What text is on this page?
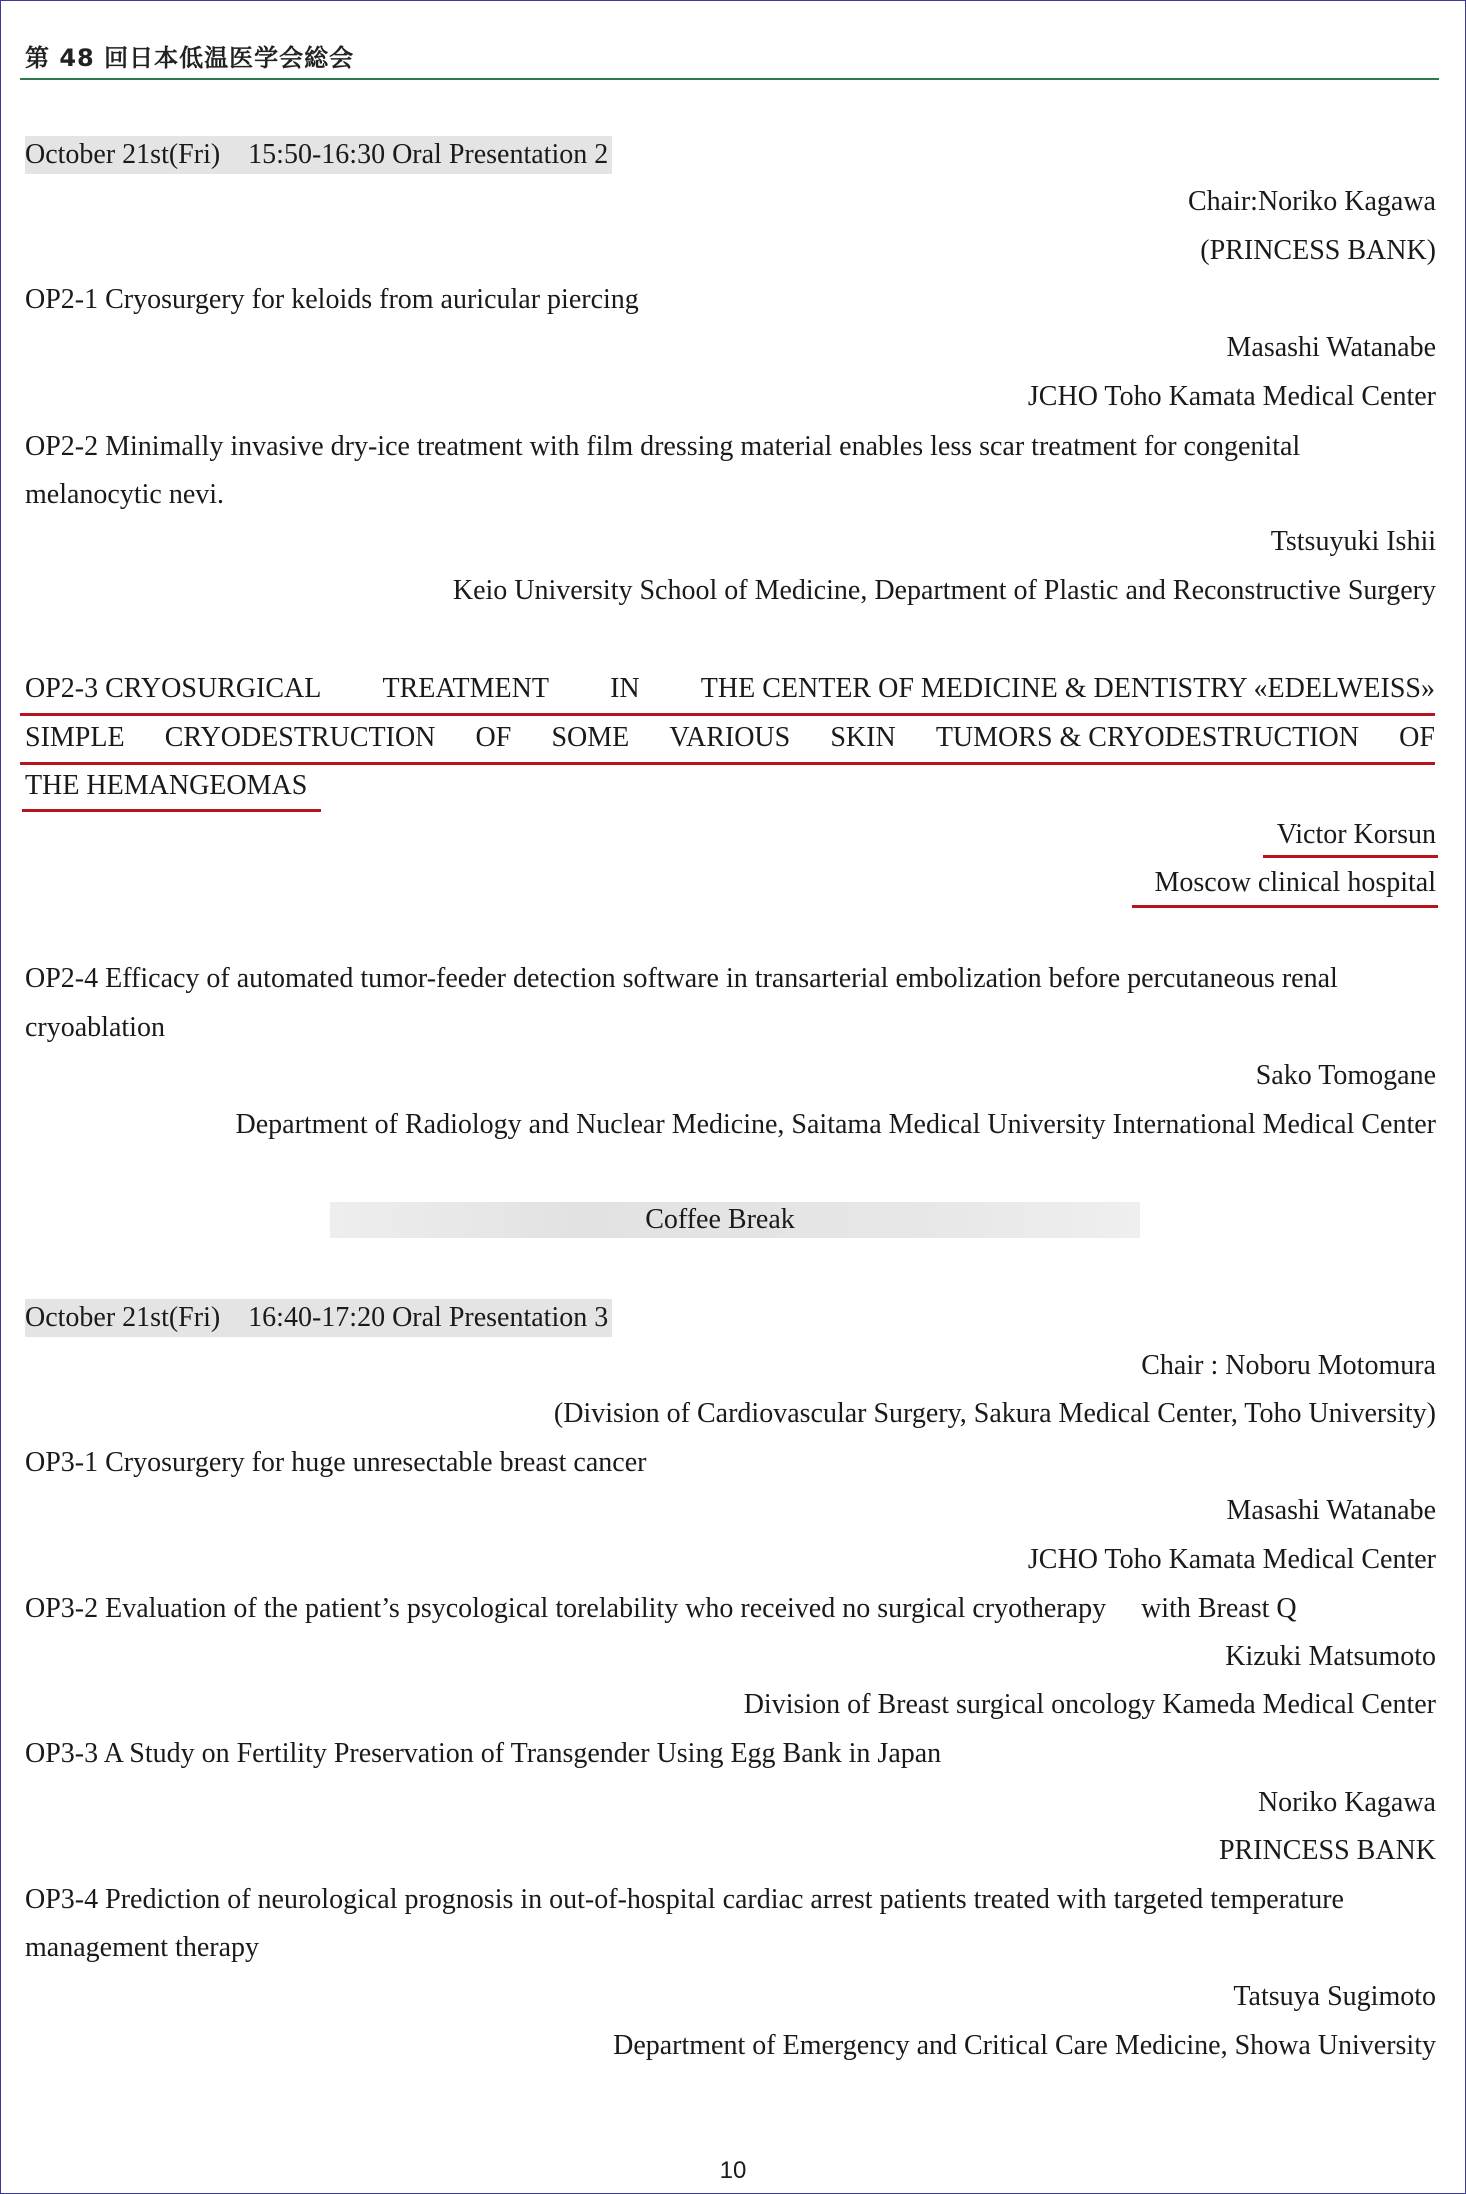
第 48 回日本低温医学会総会
October 21st(Fri)　15:50-16:30 Oral Presentation 2
Chair:Noriko Kagawa
(PRINCESS BANK)
OP2-1 Cryosurgery for keloids from auricular piercing
Masashi Watanabe
JCHO Toho Kamata Medical Center
OP2-2 Minimally invasive dry-ice treatment with film dressing material enables less scar treatment for congenital
melanocytic nevi.
Tstsuyuki Ishii
Keio University School of Medicine, Department of Plastic and Reconstructive Surgery
OP2-3 CRYOSURGICAL TREATMENT IN THE CENTER OF MEDICINE & DENTISTRY «EDELWEISS»
SIMPLE CRYODESTRUCTION OF SOME VARIOUS SKIN TUMORS & CRYODESTRUCTION OF
THE HEMANGEOMAS
Victor Korsun
Moscow clinical hospital
OP2-4 Efficacy of automated tumor-feeder detection software in transarterial embolization before percutaneous renal
cryoablation
Sako Tomogane
Department of Radiology and Nuclear Medicine, Saitama Medical University International Medical Center
Coffee Break
October 21st(Fri)　16:40-17:20 Oral Presentation 3
Chair : Noboru Motomura
(Division of Cardiovascular Surgery, Sakura Medical Center, Toho University)
OP3-1 Cryosurgery for huge unresectable breast cancer
Masashi Watanabe
JCHO Toho Kamata Medical Center
OP3-2 Evaluation of the patient’s psycological torelability who received no surgical cryotherapy　 with Breast Q
Kizuki Matsumoto
Division of Breast surgical oncology Kameda Medical Center
OP3-3 A Study on Fertility Preservation of Transgender Using Egg Bank in Japan
Noriko Kagawa
PRINCESS BANK
OP3-4 Prediction of neurological prognosis in out-of-hospital cardiac arrest patients treated with targeted temperature
management therapy
Tatsuya Sugimoto
Department of Emergency and Critical Care Medicine, Showa University
10
